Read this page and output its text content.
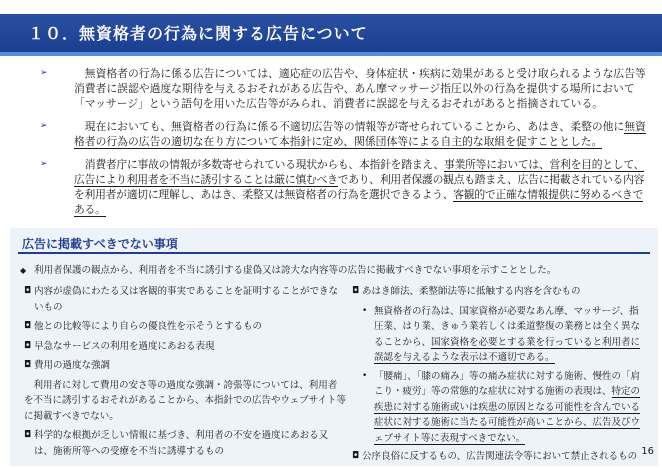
１０．無資格者の行為に関する広告について
➢	無資格者の行為に係る広告については、適応症の広告や、身体症状・疾病に効果があると受け取られるような広告等消費者に誤認や過度な期待を与えるおそれがある広告や、あん摩マッサージ指圧以外の行為を提供する場所において「マッサージ」という語句を用いた広告等がみられ、消費者に誤認を与えるおそれがあると指摘されている。
➢	現在においても、無資格者の行為に係る不適切広告等の情報等が寄せられていることから、あはき、柔整の他に無資格者の行為の広告の適切な在り方について本指針に定め、関係団体等による自主的な取組を促すこととした。
➢	消費者庁に事故の情報が多数寄せられている現状からも、本指針を踏まえ、事業所等においては、営利を目的として、広告により利用者を不当に誘引することは厳に慎むべきであり、利用者保護の観点も踏まえ、広告に掲載されている内容を利用者が適切に理解し、あはき、柔整又は無資格者の行為を選択できるよう、客観的で正確な情報提供に努めるべきである。
広告に掲載すべきでない事項
◆ 利用者保護の観点から、利用者を不当に誘引する虚偽又は誇大な内容等の広告に掲載すべきでない事項を示すこととした。
◘ 内容が虚偽にわたる又は客観的事実であることを証明することができないもの
◘ 他との比較等により自らの優良性を示そうとするもの
◘ 早急なサービスの利用を過度にあおる表現
◘ 費用の過度な強調
利用者に対して費用の安さ等の過度な強調・誇張等については、利用者を不当に誘引するおそれがあることから、本指針での広告やウェブサイト等に掲載すべきでない。
◘ 科学的な根拠が乏しい情報に基づき、利用者の不安を過度にあおる又は、施術所等への受療を不当に誘導するもの
◘ あはき師法、柔整師法等に抵触する内容を含むもの
• 無資格者の行為は、国家資格が必要なあん摩、マッサージ、指圧業、はり業、きゅう業若しくは柔道整復の業務とは全く異なることから、国家資格を必要とする業を行っていると利用者に誤認を与えるような表示は不適切である。
• 「腰痛」、「膝の痛み」等の痛み症状に対する施術、慢性の「肩こり・疲労」等の常態的な症状に対する施術の表現は、特定の疾患に対する施術或いは疾患の原因となる可能性を含んでいる症状に対する施術に当たる可能性が高いことから、広告及びウェブサイト等に表現すべきでない。
◘ 公序良俗に反するもの、広告関連法令等において禁止されるもの 16
